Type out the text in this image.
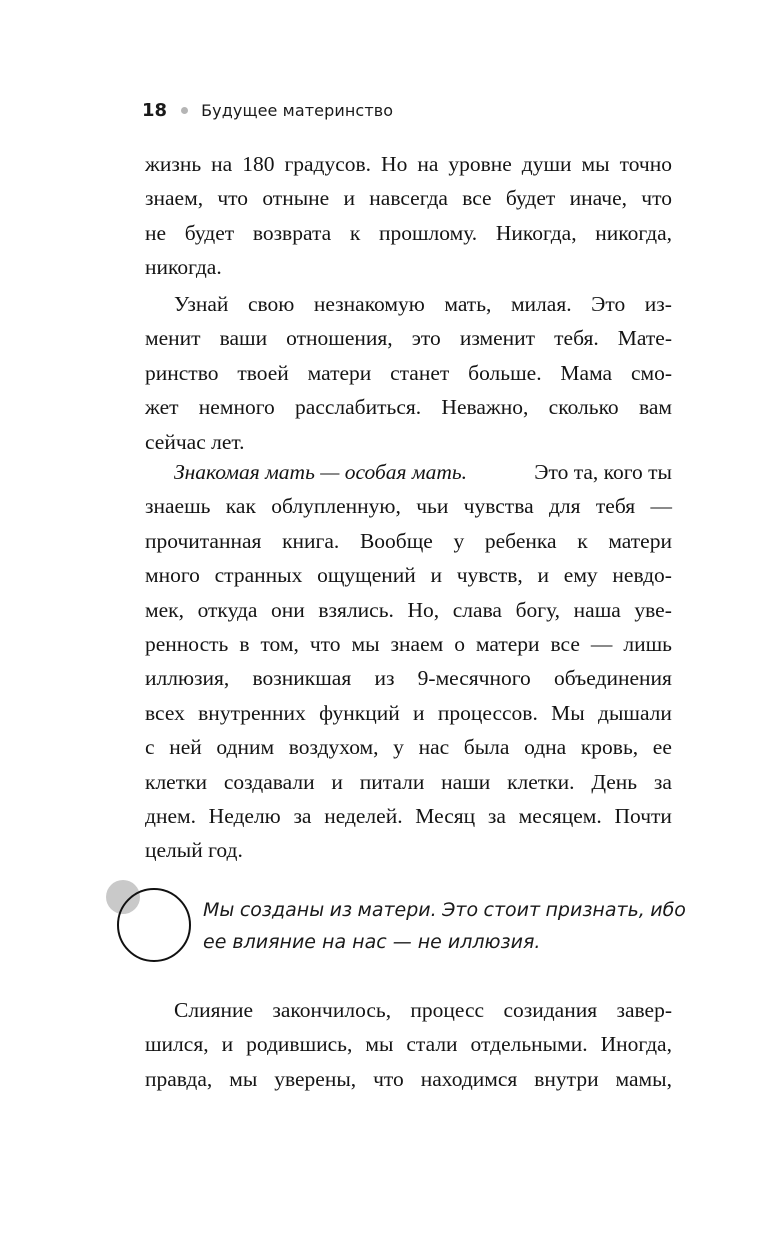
18 Будущее материнство
жизнь на 180 градусов. Но на уровне души мы точно
знаем, что отныне и навсегда все будет иначе, что
не будет возврата к прошлому. Никогда, никогда,
никогда.
Узнай свою незнакомую мать, милая. Это из-
менит ваши отношения, это изменит тебя. Мате-
ринство твоей матери станет больше. Мама смо-
жет немного расслабиться. Неважно, сколько вам
сейчас лет.
Знакомая мать — особая мать.	Это та, кого ты
знаешь как облупленную, чьи чувства для тебя —
прочитанная книга. Вообще у ребенка к матери
много странных ощущений и чувств, и ему невдо-
мек, откуда они взялись. Но, слава богу, наша уве-
ренность в том, что мы знаем о матери все — лишь
иллюзия, возникшая из 9-месячного объединения
всех внутренних функций и процессов. Мы дышали
с ней одним воздухом, у нас была одна кровь, ее
клетки создавали и питали наши клетки. День за
днем. Неделю за неделей. Месяц за месяцем. Почти
целый год.
Мы созданы из матери. Это стоит признать, ибо
ее влияние на нас — не иллюзия.
Слияние закончилось, процесс созидания завер-
шился, и родившись, мы стали отдельными. Иногда,
правда, мы уверены, что находимся внутри мамы,
